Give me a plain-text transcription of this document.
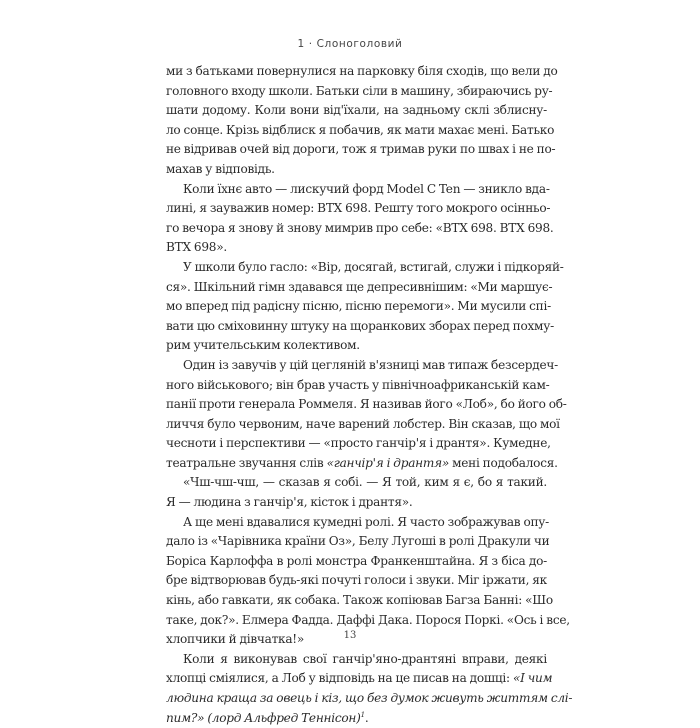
1 · Слоноголовий
ми з батьками повернулися на парковку біля сходів, що вели до
головного входу школи. Батьки сіли в машину, збираючись ру-
шати додому. Коли вони від'їхали, на задньому склі зблисну-
ло сонце. Крізь відблиск я побачив, як мати махає мені. Батько
не відривав очей від дороги, тож я тримав руки по швах і не по-
махав у відповідь.
Коли їхнє авто — лискучий форд Model C Ten — зникло вда-
лині, я зауважив номер: BTX 698. Решту того мокрого осінньо-
го вечора я знову й знову мимрив про себе: «BTX 698. BTX 698.
BTX 698».
У школи було гасло: «Вір, досягай, встигай, служи і підкоряй-
ся». Шкільний гімн здавався ще депресивнішим: «Ми маршує-
мо вперед під радісну пісню, пісню перемоги». Ми мусили спі-
вати цю сміховинну штуку на щоранкових зборах перед похму-
рим учительським колективом.
Один із завучів у цій цегляній в'язниці мав типаж безсердеч-
ного військового; він брав участь у північноафриканській кам-
панії проти генерала Роммеля. Я називав його «Лоб», бо його об-
личчя було червоним, наче варений лобстер. Він сказав, що мої
чесноти і перспективи — «просто ганчір'я і дрантя». Кумедне,
театральне звучання слів «ганчір'я і дрантя» мені подобалося.
«Чш-чш-чш, — сказав я собі. — Я той, ким я є, бо я такий.
Я — людина з ганчір'я, кісток і дрантя».
А ще мені вдавалися кумедні ролі. Я часто зображував опу-
дало із «Чарівника країни Оз», Белу Лугоші в ролі Дракули чи
Боріса Карлоффа в ролі монстра Франкенштайна. Я з біса до-
бре відтворював будь-які почуті голоси і звуки. Міг іржати, як
кінь, або гавкати, як собака. Також копіював Багза Банні: «Шо
таке, док?». Елмера Фадда. Даффі Дака. Порося Поркі. «Ось і все,
хлопчики й дівчатка!»
Коли я виконував свої ганчір'яно-дрантяні вправи, деякі
хлопці сміялися, а Лоб у відповідь на це писав на дошці: «І чим
людина краща за овець і кіз, що без думок живуть життям слі-
пим?» (лорд Альфред Теннісон)$^1$.
13
